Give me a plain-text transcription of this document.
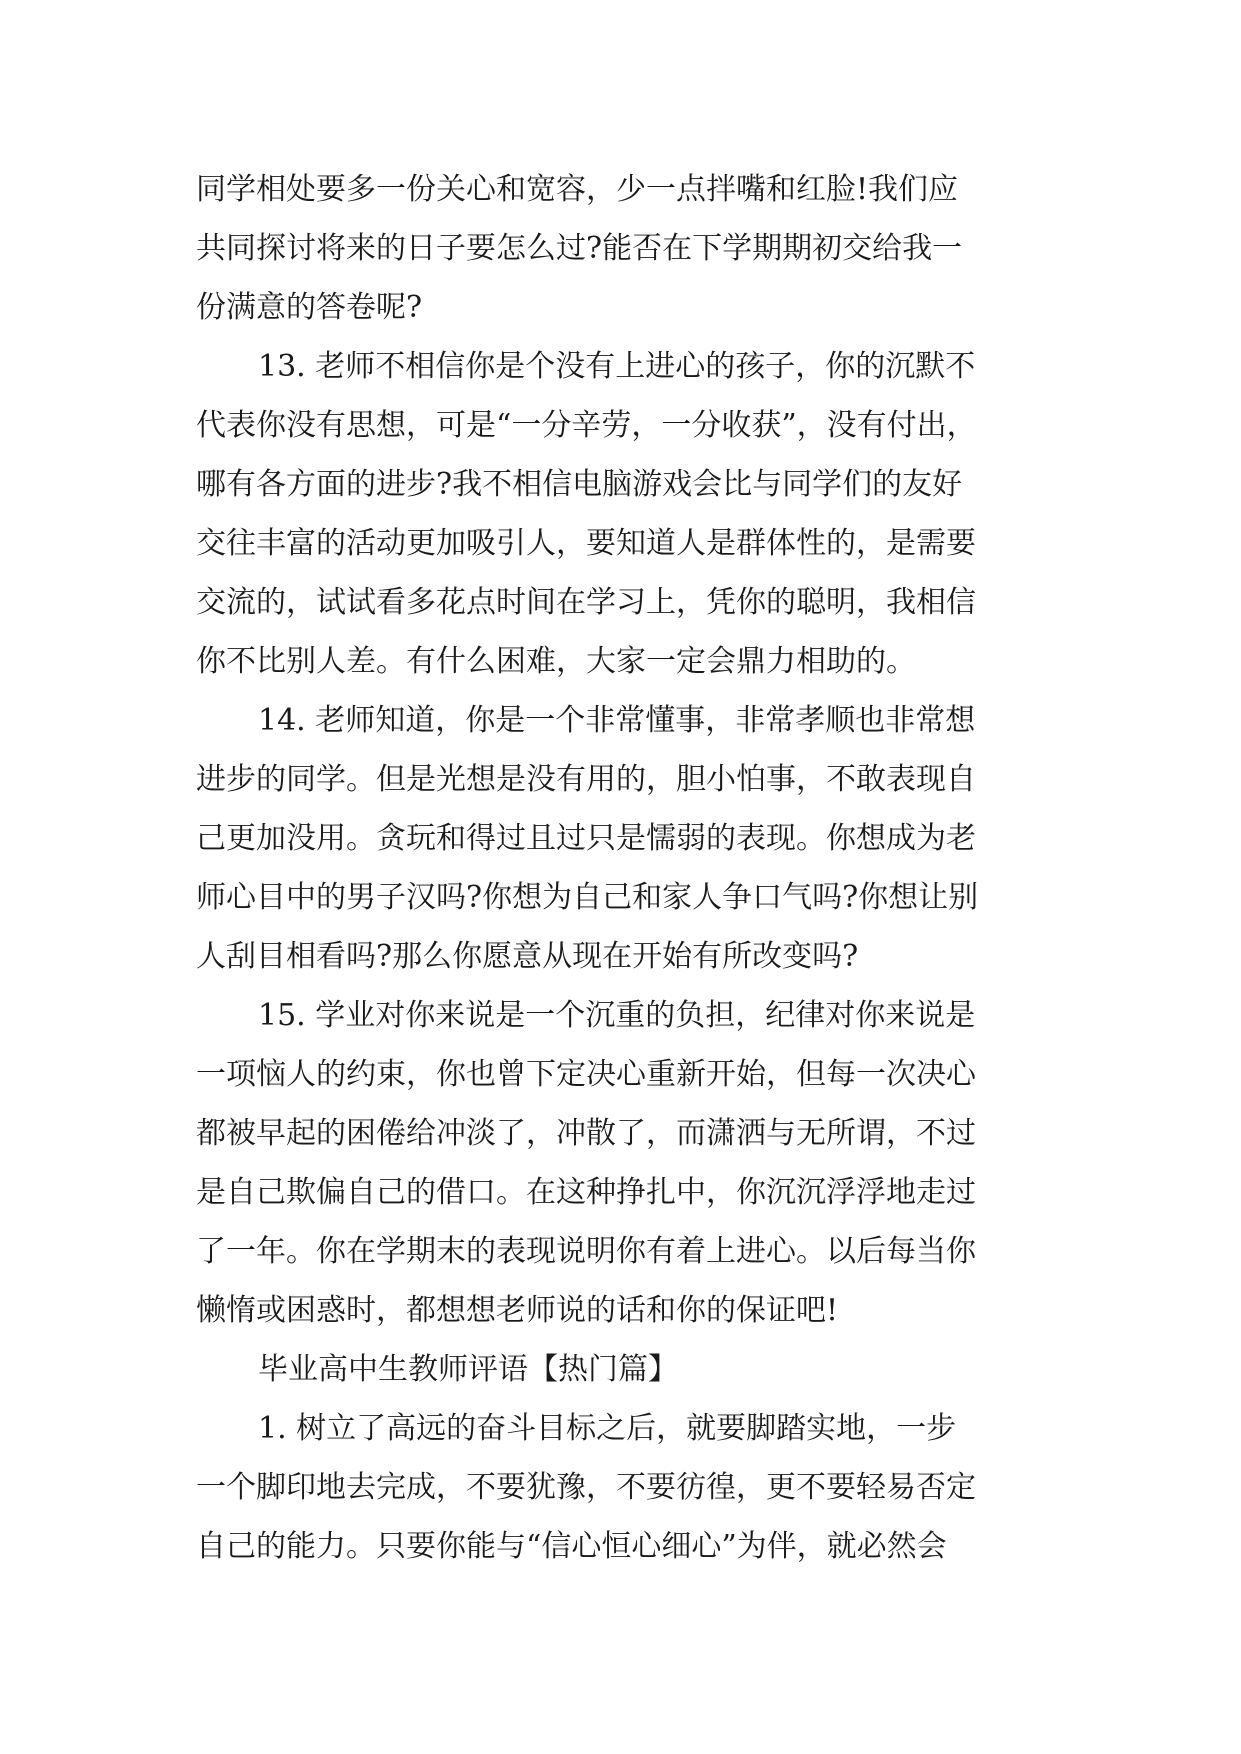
同学相处要多一份关心和宽容，少一点拌嘴和红脸!我们应
共同探讨将来的日子要怎么过?能否在下学期期初交给我一
份满意的答卷呢?
13. 老师不相信你是个没有上进心的孩子，你的沉默不
代表你没有思想，可是“一分辛劳，一分收获”，没有付出，
哪有各方面的进步?我不相信电脑游戏会比与同学们的友好
交往丰富的活动更加吸引人，要知道人是群体性的，是需要
交流的，试试看多花点时间在学习上，凭你的聪明，我相信
你不比别人差。有什么困难，大家一定会鼎力相助的。
14. 老师知道，你是一个非常懂事，非常孝顺也非常想
进步的同学。但是光想是没有用的，胆小怕事，不敢表现自
己更加没用。贪玩和得过且过只是懦弱的表现。你想成为老
师心目中的男子汉吗?你想为自己和家人争口气吗?你想让别
人刮目相看吗?那么你愿意从现在开始有所改变吗?
15. 学业对你来说是一个沉重的负担，纪律对你来说是
一项恼人的约束，你也曾下定决心重新开始，但每一次决心
都被早起的困倦给冲淡了，冲散了，而潇洒与无所谓，不过
是自己欺偏自己的借口。在这种挣扎中，你沉沉浮浮地走过
了一年。你在学期末的表现说明你有着上进心。以后每当你
懒惰或困惑时，都想想老师说的话和你的保证吧!
毕业高中生教师评语【热门篇】
1. 树立了高远的奋斗目标之后，就要脚踏实地，一步
一个脚印地去完成，不要犹豫，不要彷徨，更不要轻易否定
自己的能力。只要你能与“信心恒心细心”为伴，就必然会
